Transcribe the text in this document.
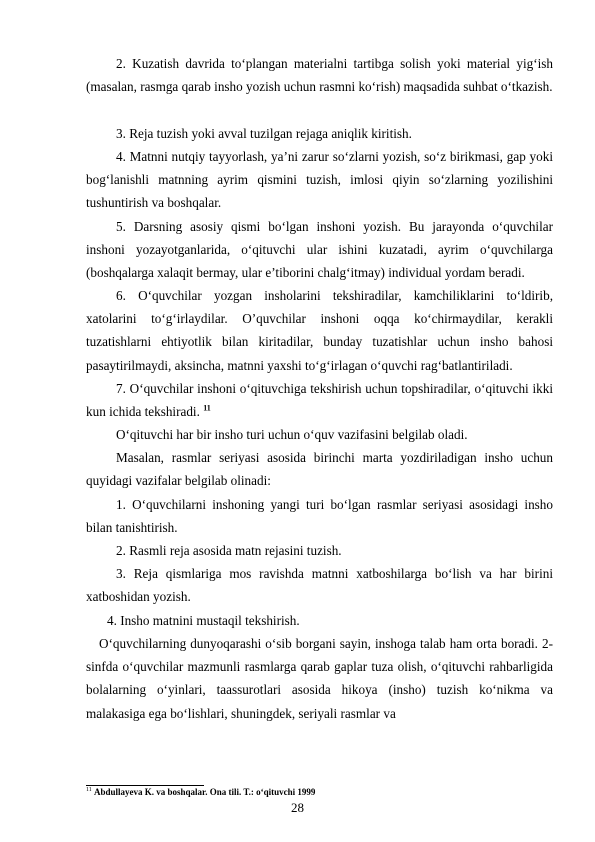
2. Kuzatish davrida to‘plangan materialni tartibga solish yoki material yig‘ish (masalan, rasmga qarab insho yozish uchun rasmni ko‘rish) maqsadida suhbat o‘tkazish.

3. Reja tuzish yoki avval tuzilgan rejaga aniqlik kiritish.

4. Matnni nutqiy tayyorlash, ya’ni zarur so‘zlarni yozish, so‘z birikmasi, gap yoki bog‘lanishli matnning ayrim qismini tuzish, imlosi qiyin so‘zlarning yozilishini tushuntirish va boshqalar.

5. Darsning asosiy qismi bo‘lgan inshoni yozish. Bu jarayonda o‘quvchilar inshoni yozayotganlarida, o‘qituvchi ular ishini kuzatadi, ayrim o‘quvchilarga (boshqalarga xalaqit bermay, ular e’tiborini chalg‘itmay) individual yordam beradi.

6. O‘quvchilar yozgan insholarini tekshiradilar, kamchiliklarini to‘ldirib, xatolarini to‘g‘irlaydilar. O’quvchilar inshoni oqqa ko‘chirmaydilar, kerakli tuzatishlarni ehtiyotlik bilan kiritadilar, bunday tuzatishlar uchun insho bahosi pasaytirilmaydi, aksincha, matnni yaxshi to‘g‘irlagan o‘quvchi rag‘batlantiriladi.

7. O‘quvchilar inshoni o‘qituvchiga tekshirish uchun topshiradilar, o‘qituvchi ikki kun ichida tekshiradi. $^{11}$

O‘qituvchi har bir insho turi uchun o‘quv vazifasini belgilab oladi.

Masalan, rasmlar seriyasi asosida birinchi marta yozdiriladigan insho uchun quyidagi vazifalar belgilab olinadi:

1. O‘quvchilarni inshoning yangi turi bo‘lgan rasmlar seriyasi asosidagi insho bilan tanishtirish.

2. Rasmli reja asosida matn rejasini tuzish.

3. Reja qismlariga mos ravishda matnni xatboshilarga bo‘lish va har birini xatboshidan yozish.

4. Insho matnini mustaqil tekshirish.

O‘quvchilarning dunyoqarashi o‘sib borgani sayin, inshoga talab ham orta boradi. 2-sinfda o‘quvchilar mazmunli rasmlarga qarab gaplar tuza olish, o‘qituvchi rahbarligida bolalarning o‘yinlari, taassurotlari asosida hikoya (insho) tuzish ko‘nikma va malakasiga ega bo‘lishlari, shuningdek, seriyali rasmlar va

$^{11}$ Abdullayeva K. va boshqalar. Ona tili. T.: o‘qituvchi 1999
28
